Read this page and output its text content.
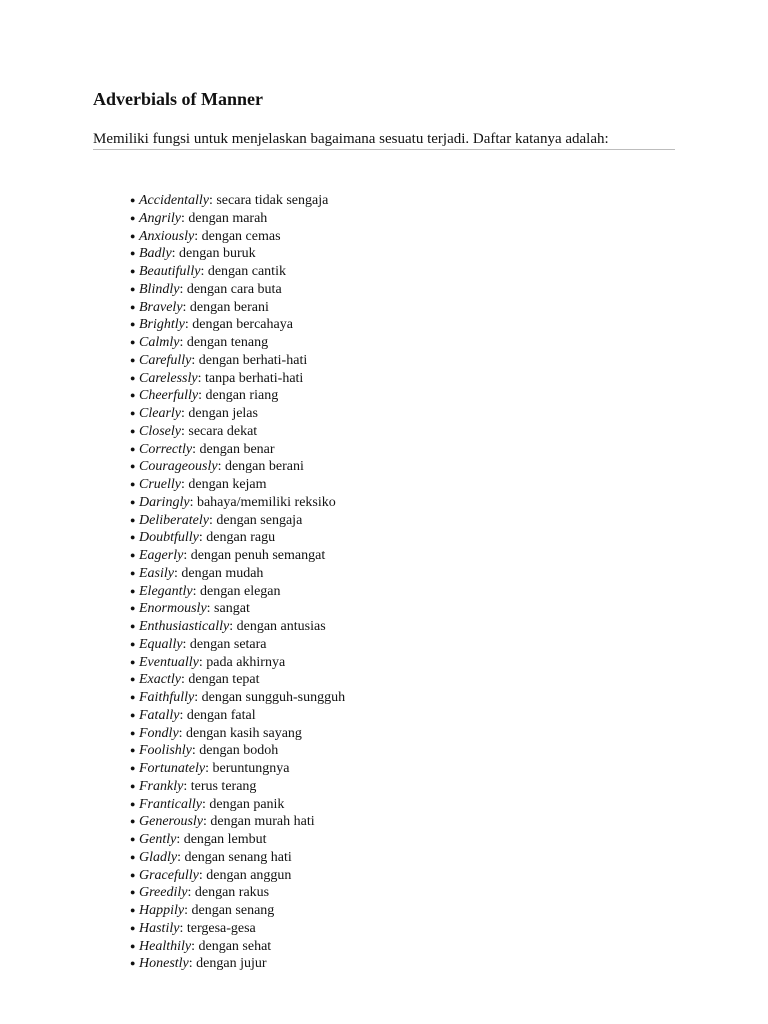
Adverbials of Manner

Memiliki fungsi untuk menjelaskan bagaimana sesuatu terjadi. Daftar katanya adalah:

● Accidentally: secara tidak sengaja
● Angrily: dengan marah
● Anxiously: dengan cemas
● Badly: dengan buruk
● Beautifully: dengan cantik
● Blindly: dengan cara buta
● Bravely: dengan berani
● Brightly: dengan bercahaya
● Calmly: dengan tenang
● Carefully: dengan berhati-hati
● Carelessly: tanpa berhati-hati
● Cheerfully: dengan riang
● Clearly: dengan jelas
● Closely: secara dekat
● Correctly: dengan benar
● Courageously: dengan berani
● Cruelly: dengan kejam
● Daringly: bahaya/memiliki reksiko
● Deliberately: dengan sengaja
● Doubtfully: dengan ragu
● Eagerly: dengan penuh semangat
● Easily: dengan mudah
● Elegantly: dengan elegan
● Enormously: sangat
● Enthusiastically: dengan antusias
● Equally: dengan setara
● Eventually: pada akhirnya
● Exactly: dengan tepat
● Faithfully: dengan sungguh-sungguh
● Fatally: dengan fatal
● Fondly: dengan kasih sayang
● Foolishly: dengan bodoh
● Fortunately: beruntungnya
● Frankly: terus terang
● Frantically: dengan panik
● Generously: dengan murah hati
● Gently: dengan lembut
● Gladly: dengan senang hati
● Gracefully: dengan anggun
● Greedily: dengan rakus
● Happily: dengan senang
● Hastily: tergesa-gesa
● Healthily: dengan sehat
● Honestly: dengan jujur
